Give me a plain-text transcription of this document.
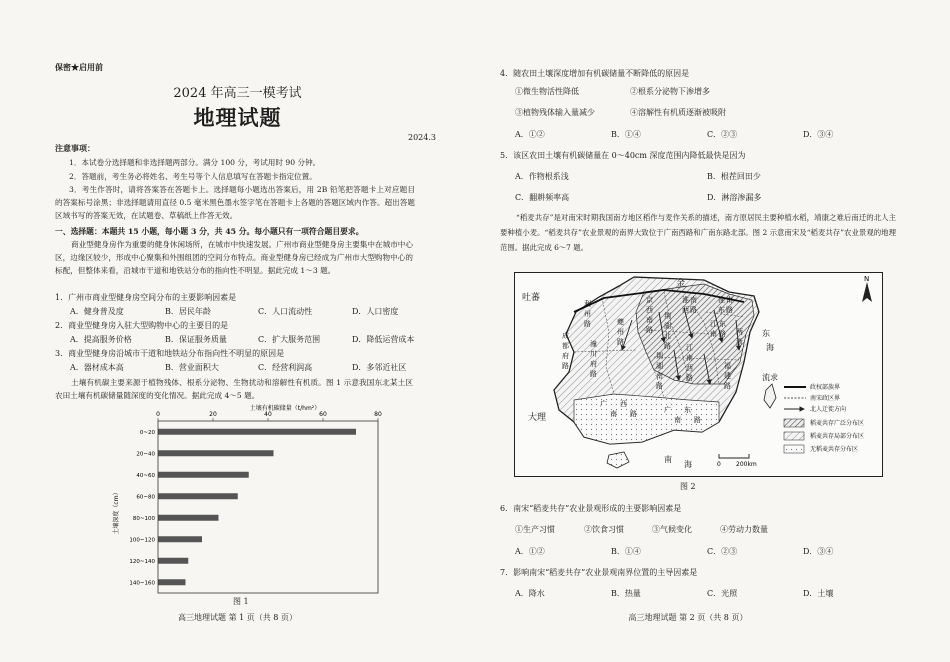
保密★启用前
2024 年高三一模考试
地理试题
2024.3
注意事项：
1．本试卷分选择题和非选择题两部分。满分 100 分，考试用时 90 分钟。
2．答题前，考生务必将姓名、考生号等个人信息填写在答题卡指定位置。
3．考生作答时，请将答案答在答题卡上。选择题每小题选出答案后，用 2B 铅笔把答题卡上对应题目的答案标号涂黑；非选择题请用直径 0.5 毫米黑色墨水签字笔在答题卡上各题的答题区域内作答。超出答题区域书写的答案无效，在试题卷、草稿纸上作答无效。
一、选择题：本题共 15 小题，每小题 3 分，共 45 分。每小题只有一项符合题目要求。
商业型健身房作为重要的健身休闲场所，在城市中快速发展。广州市商业型健身房主要集中在城市中心区，边缘区较少，形成中心聚集和外围组团的空间分布特点。商业型健身房已经成为广州市大型购物中心的标配，但整体来看，沿城市干道和地铁站分布的指向性不明显。据此完成 1～3 题。
1．广州市商业型健身房空间分布的主要影响因素是
A．健身普及度	B．居民年龄	C．人口流动性	D．人口密度
2．商业型健身房入驻大型购物中心的主要目的是
A．提高服务价格	B．保证服务质量	C．扩大服务范围	D．降低运营成本
3．商业型健身房沿城市干道和地铁站分布指向性不明显的原因是
A．器材成本高	B．营业面积大	C．经营利润高	D．多邻近社区
土壤有机碳主要来源于植物残体、根系分泌物、生物扰动和溶解性有机质。图 1 示意我国东北某土区农田土壤有机碳储量随深度的变化情况。据此完成 4～5 题。
土壤有机碳储量（t/hm²）
土壤深度（cm）
0~20
20~40
40~60
60~80
80~100
100~120
120~140
140~160
0	20	40	60	80
图 1
高三地理试题 第 1 页（共 8 页）
4．随农田土壤深度增加有机碳储量不断降低的原因是
①微生物活性降低	②根系分泌物下渗增多
③植物残体输入量减少	④溶解性有机质逐渐被吸附
A．①②	B．①④	C．②③	D．③④
5．该区农田土壤有机碳储量在 0～40cm 深度范围内降低最快是因为
A．作物根系浅	B．根茬回田少
C．翻耕频率高	D．淋溶渗漏多
“稻麦共存”是对南宋时期我国南方地区稻作与麦作关系的描述，南方原居民主要种植水稻，靖康之难后南迁的北人主要种植小麦。“稻麦共存”农业景观的南界大致位于广南西路和广南东路北部。图 2 示意南宋及“稻麦共存”农业景观的地理范围。据此完成 6～7 题。
金
吐蕃
大理
流求
东
海
南
海
利
州
路
成
都
府
路
潼
川
府
路
夔
州
路
京
西
南
路
荆
湖
北
路
荆
湖
南
路
淮 南
西 路
淮 南
东 路
江
南
东
路
江
南
西
路
两
浙
福
建
路
广
南
西
路	广
南
东
路
N
政权部族界
南宋政区界
北人迁徙方向
稻麦共存广泛分布区
稻麦共存局部分布区
无稻麦共存分布区
0	200km
图 2
6．南宋“稻麦共存”农业景观形成的主要影响因素是
①生产习惯	②饮食习惯	③气候变化	④劳动力数量
A．①②	B．①④	C．②③	D．③④
7．影响南宋“稻麦共存”农业景观南界位置的主导因素是
A．降水	B．热量	C．光照	D．土壤
高三地理试题 第 2 页（共 8 页）
